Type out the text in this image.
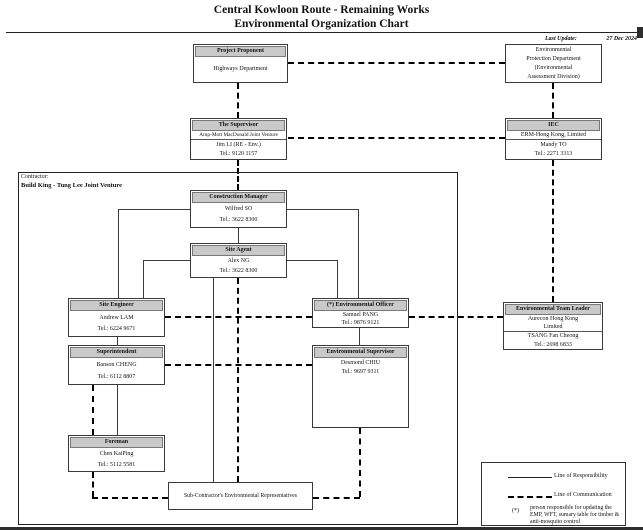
Central Kowloon Route - Remaining Works
Environmental Organization Chart
Last Update:	27 Dec 2024
Contractor:
Build King - Tung Lee Joint Venture
Project Proponent
Highways Department
Environmental
Protection Department
(Environmental
Assessment Division)
The Supervisor
Arup-Mott MacDonald Joint Venture
Jim LI (RE - Env.)
Tel.: 9120 1157
IEC
ERM-Hong Kong, Limited
Mandy TO
Tel.: 2271 3313
Construction Manager
Wilfred SO
Tel.: 3622 8300
Site Agent
Alex NG
Tel.: 3622 8300
Site Engineer
Andrew LAM
Tel.: 6224 9671
(*) Environmental Officer
Samuel PANG
Tel.: 9876 9121
Environmental Team Leader
Aurecon Hong Kong
Limited
TSANG Fan Cheong
Tel.: 2698 6833
Superintendent
Banson CHENG
Tel.: 6112 8807
Environmental Supervisor
Desmond CHIU
Tel.: 9697 9311
Foreman
Chen KaiPing
Tel.: 5112 5581
Sub-Contractor's Environmental Representatives
Line of Responsibility
Line of Communication
(*) person responsible for updating the EMP, WFT, sumary table for timber & anti-mosquito control
